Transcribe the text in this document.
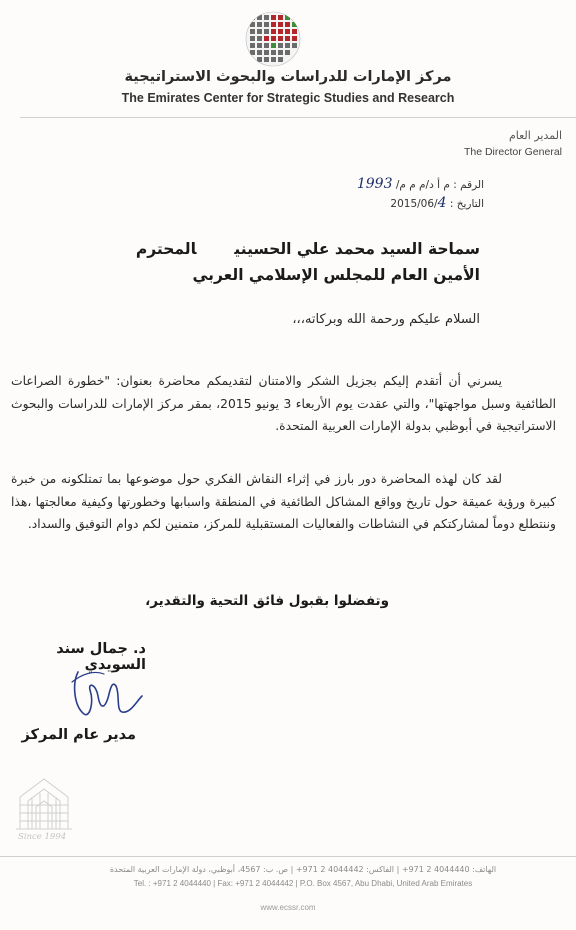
مركز الإمارات للدراسات والبحوث الاستراتيجية
The Emirates Center for Strategic Studies and Research
المدير العام
The Director General
الرقم : م أ د/م م م/ 1993
التاريخ : 2015/06/4
سماحة السيد محمد علي الحسينيالمحترم
الأمين العام للمجلس الإسلامي العربي
السلام عليكم ورحمة الله وبركاته،،،
يسرني أن أتقدم إليكم بجزيل الشكر والامتنان لتقديمكم محاضرة بعنوان: "خطورة الصراعات الطائفية وسبل مواجهتها"، والتي عقدت يوم الأربعاء 3 يونيو 2015، بمقر مركز الإمارات للدراسات والبحوث الاستراتيجية في أبوظبي بدولة الإمارات العربية المتحدة.
لقد كان لهذه المحاضرة دور بارز في إثراء النقاش الفكري حول موضوعها بما تمتلكونه من خبرة كبيرة ورؤية عميقة حول تاريخ وواقع المشاكل الطائفية في المنطقة واسبابها وخطورتها وكيفية معالجتها ،هذا وننتطلع دوماً لمشاركتكم في النشاطات والفعاليات المستقبلية للمركز، متمنين لكم دوام التوفيق والسداد.
وتفضلوا بقبول فائق التحية والتقدير،
د. جمال سند السويدي
مدير عام المركز
Since 1994
الهاتف: 4044440 2 971+ | الفاكس: 4044442 2 971+ | ص. ب: 4567، أبوظبي، دولة الإمارات العربية المتحدة
Tel. : +971 2 4044440 | Fax: +971 2 4044442 | P.O. Box 4567, Abu Dhabi, United Arab Emirates
www.ecssr.com
